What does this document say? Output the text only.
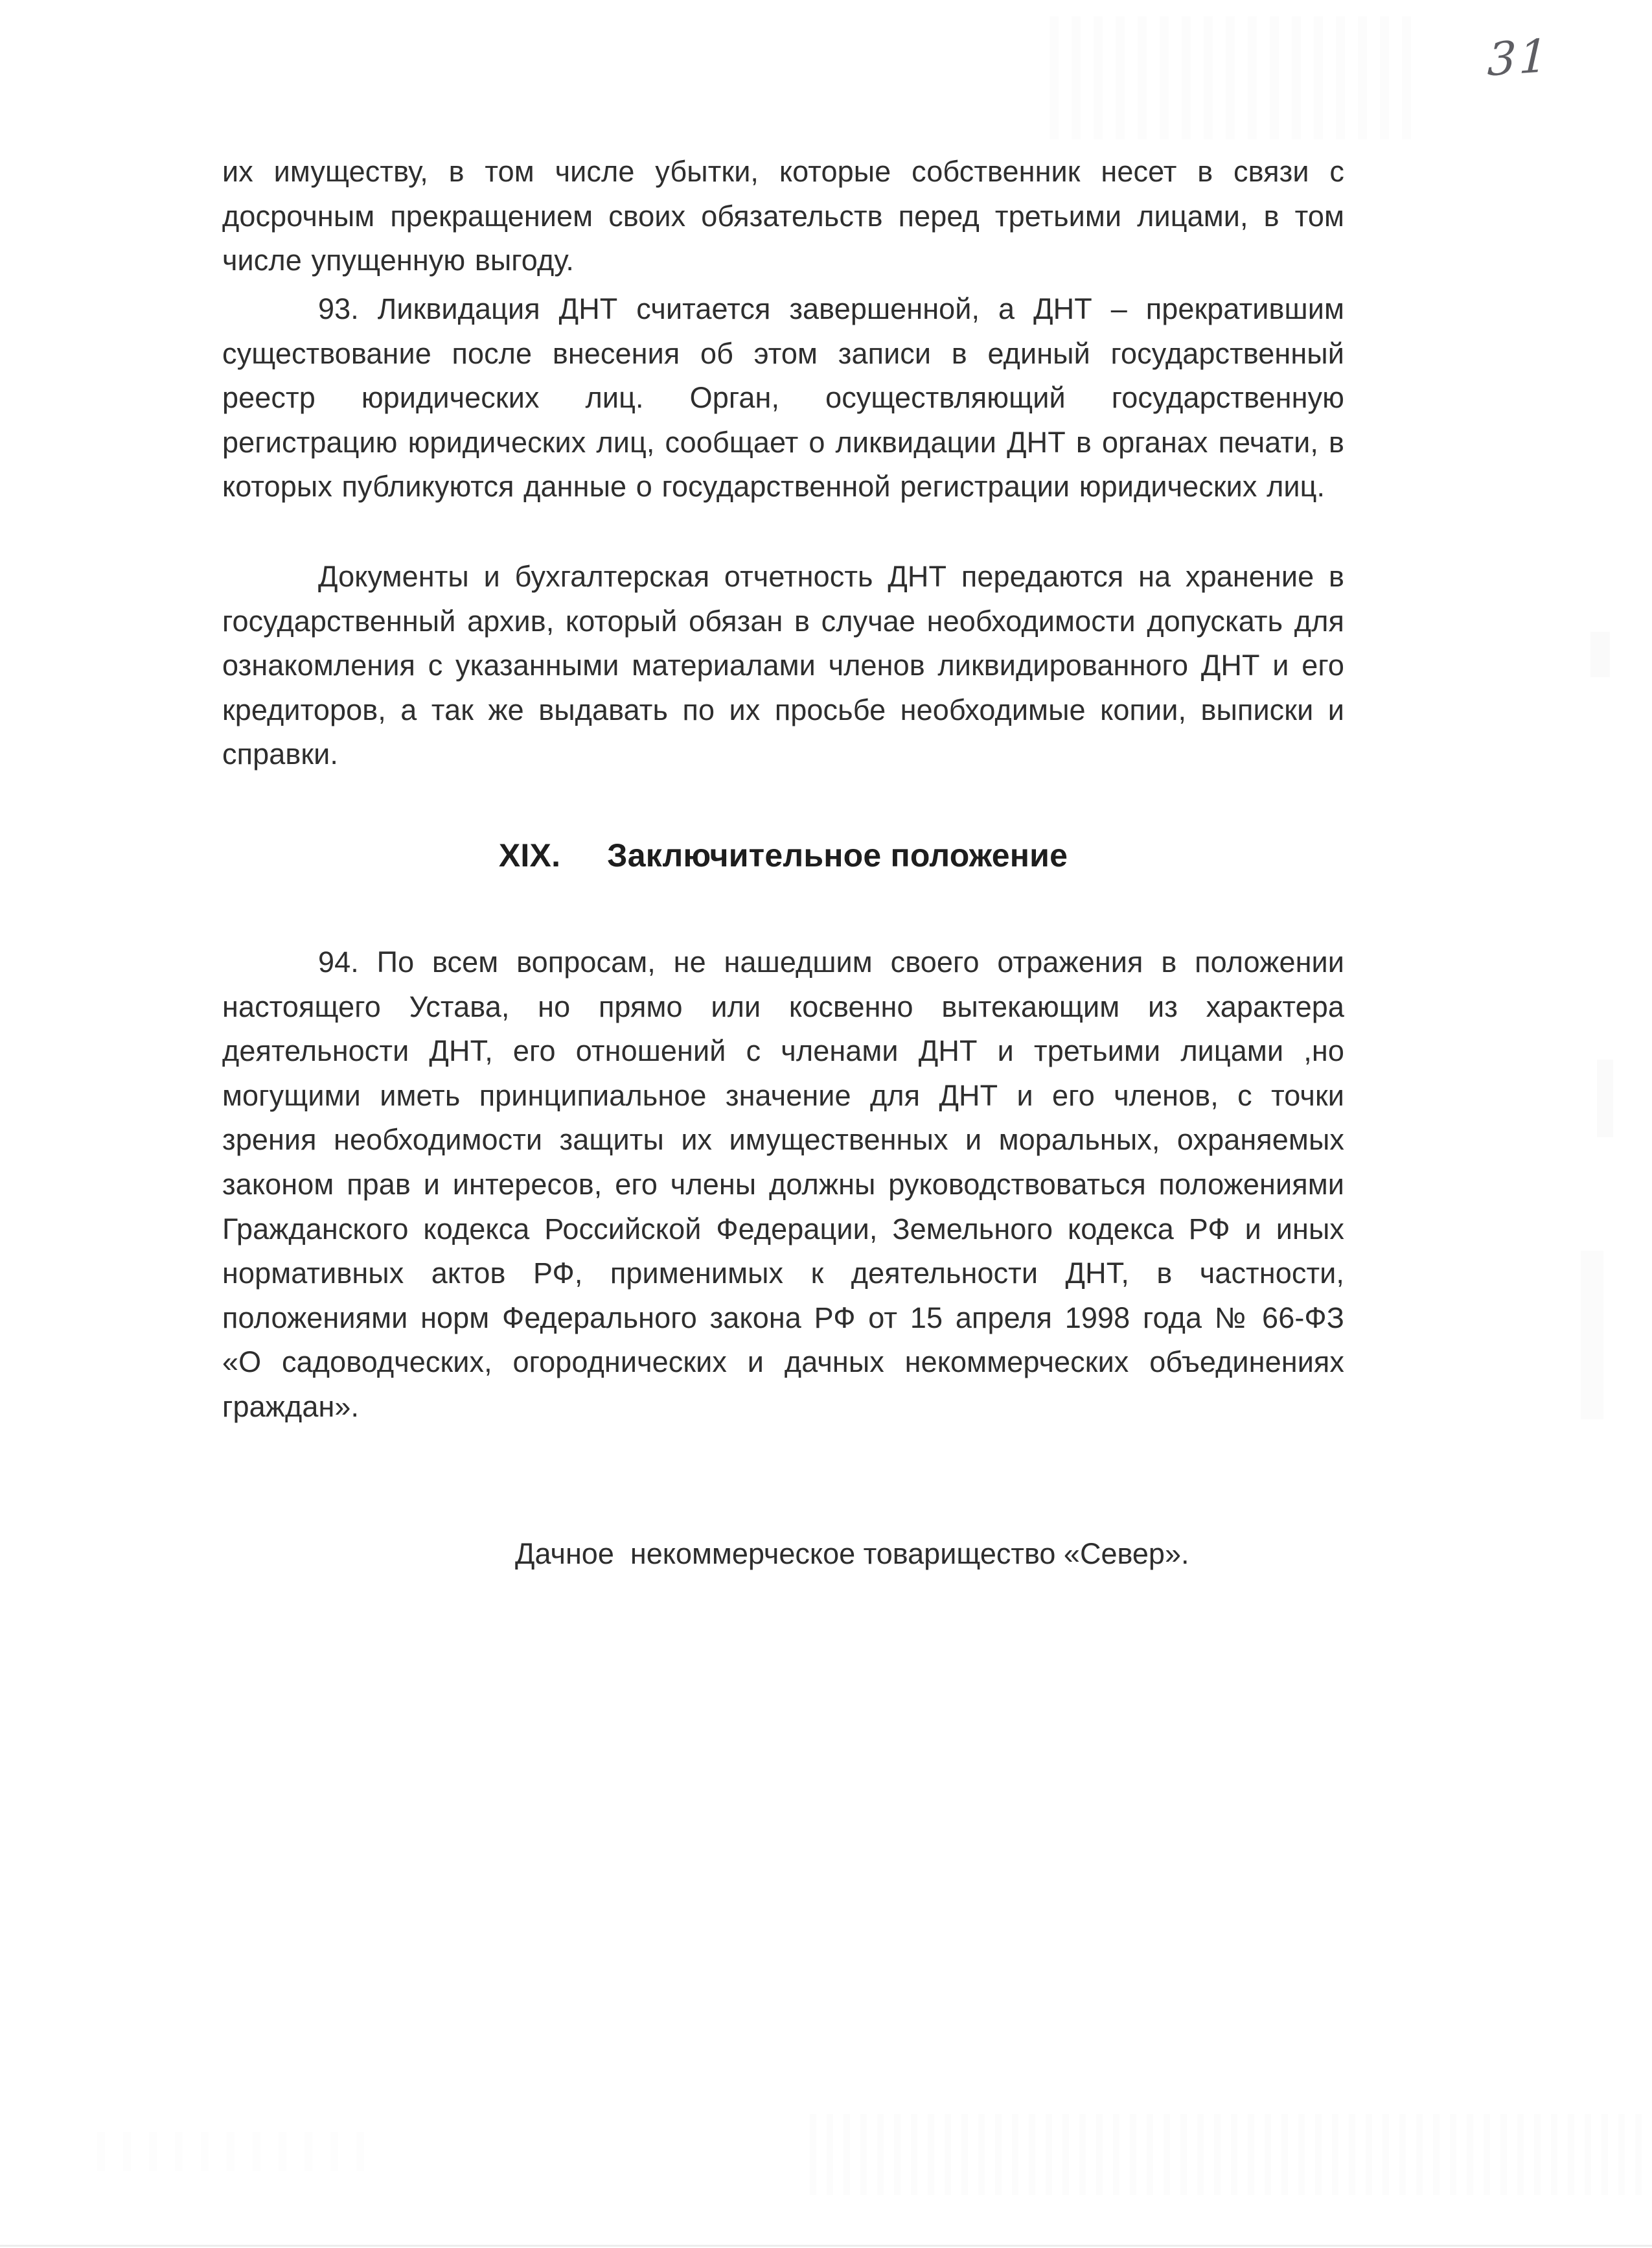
31

их имуществу, в том числе убытки, которые собственник несет в связи с досрочным прекращением своих обязательств перед третьими лицами, в том числе упущенную выгоду.

93. Ликвидация ДНТ считается завершенной, а ДНТ – прекратившим существование после внесения об этом записи в единый государственный реестр юридических лиц. Орган, осуществляющий государственную регистрацию юридических лиц, сообщает о ликвидации ДНТ в органах печати, в которых публикуются данные о государственной регистрации юридических лиц.

Документы и бухгалтерская отчетность ДНТ передаются на хранение в государственный архив, который обязан в случае необходимости допускать для ознакомления с указанными материалами членов ликвидированного ДНТ и его кредиторов, а так же выдавать по их просьбе необходимые копии, выписки и справки.

XIX. Заключительное положение

94. По всем вопросам, не нашедшим своего отражения в положении настоящего Устава, но прямо или косвенно вытекающим из характера деятельности ДНТ, его отношений с членами ДНТ и третьими лицами ,но могущими иметь принципиальное значение для ДНТ и его членов, с точки зрения необходимости защиты их имущественных и моральных, охраняемых законом прав и интересов, его члены должны руководствоваться положениями Гражданского кодекса Российской Федерации, Земельного кодекса РФ и иных нормативных актов РФ, применимых к деятельности ДНТ, в частности, положениями норм Федерального закона РФ от 15 апреля 1998 года № 66-ФЗ «О садоводческих, огороднических и дачных некоммерческих объединениях граждан».

Дачное  некоммерческое товарищество «Север».
